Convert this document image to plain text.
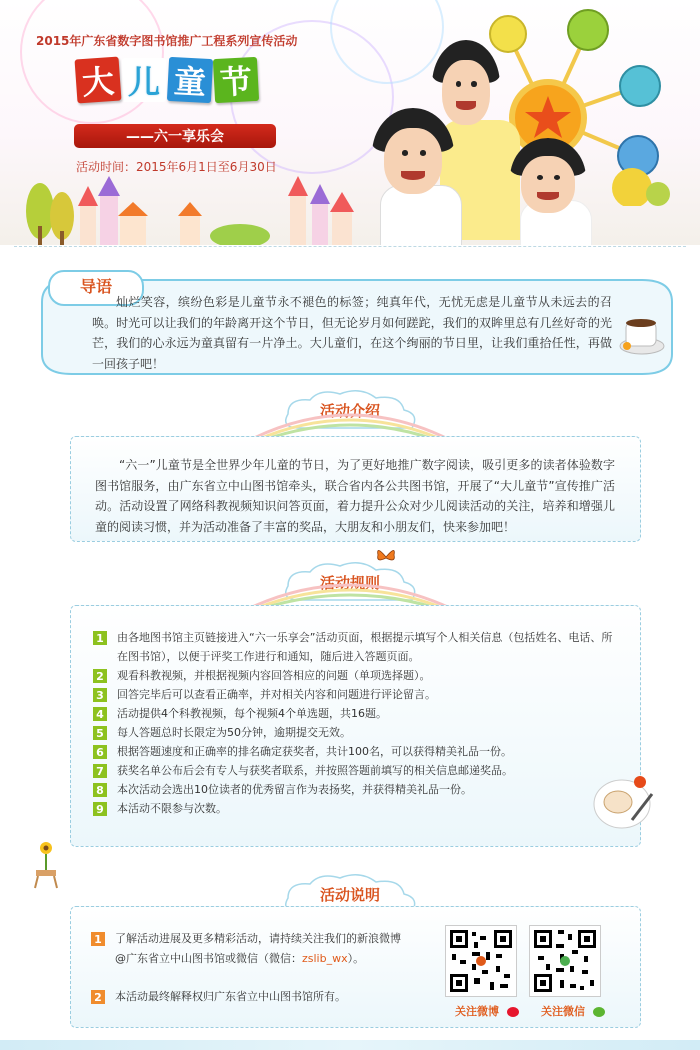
2015年广东省数字图书馆推广工程系列宣传活动
大 儿 童 节
——六一享乐会
活动时间：2015年6月1日至6月30日
导语
灿烂笑容，缤纷色彩是儿童节永不褪色的标签；纯真年代，无忧无虑是儿童节从未远去的召唤。时光可以让我们的年龄离开这个节日，但无论岁月如何蹉跎，我们的双眸里总有几丝好奇的光芒，我们的心永远为童真留有一片净土。大儿童们，在这个绚丽的节日里，让我们重拾任性，再做一回孩子吧！
活动介绍
“六一”儿童节是全世界少年儿童的节日，为了更好地推广数字阅读，吸引更多的读者体验数字图书馆服务，由广东省立中山图书馆牵头，联合省内各公共图书馆，开展了“大儿童节”宣传推广活动。活动设置了网络科教视频知识问答页面，着力提升公众对少儿阅读活动的关注，培养和增强儿童的阅读习惯，并为活动准备了丰富的奖品，大朋友和小朋友们，快来参加吧！
活动规则
1 由各地图书馆主页链接进入“六一乐享会”活动页面，根据提示填写个人相关信息（包括姓名、电话、所在图书馆），以便于评奖工作进行和通知，随后进入答题页面。
2 观看科教视频，并根据视频内容回答相应的问题（单项选择题）。
3 回答完毕后可以查看正确率，并对相关内容和问题进行评论留言。
4 活动提供4个科教视频，每个视频4个单选题，共16题。
5 每人答题总时长限定为50分钟，逾期提交无效。
6 根据答题速度和正确率的排名确定获奖者，共计100名，可以获得精美礼品一份。
7 获奖名单公布后会有专人与获奖者联系，并按照答题前填写的相关信息邮递奖品。
8 本次活动会选出10位读者的优秀留言作为表扬奖，并获得精美礼品一份。
9 本活动不限参与次数。
活动说明
1	了解活动进展及更多精彩活动，请持续关注我们的新浪微博
@广东省立中山图书馆或微信（微信：zslib_wx）。
2	本活动最终解释权归广东省立中山图书馆所有。
关注微博	关注微信
